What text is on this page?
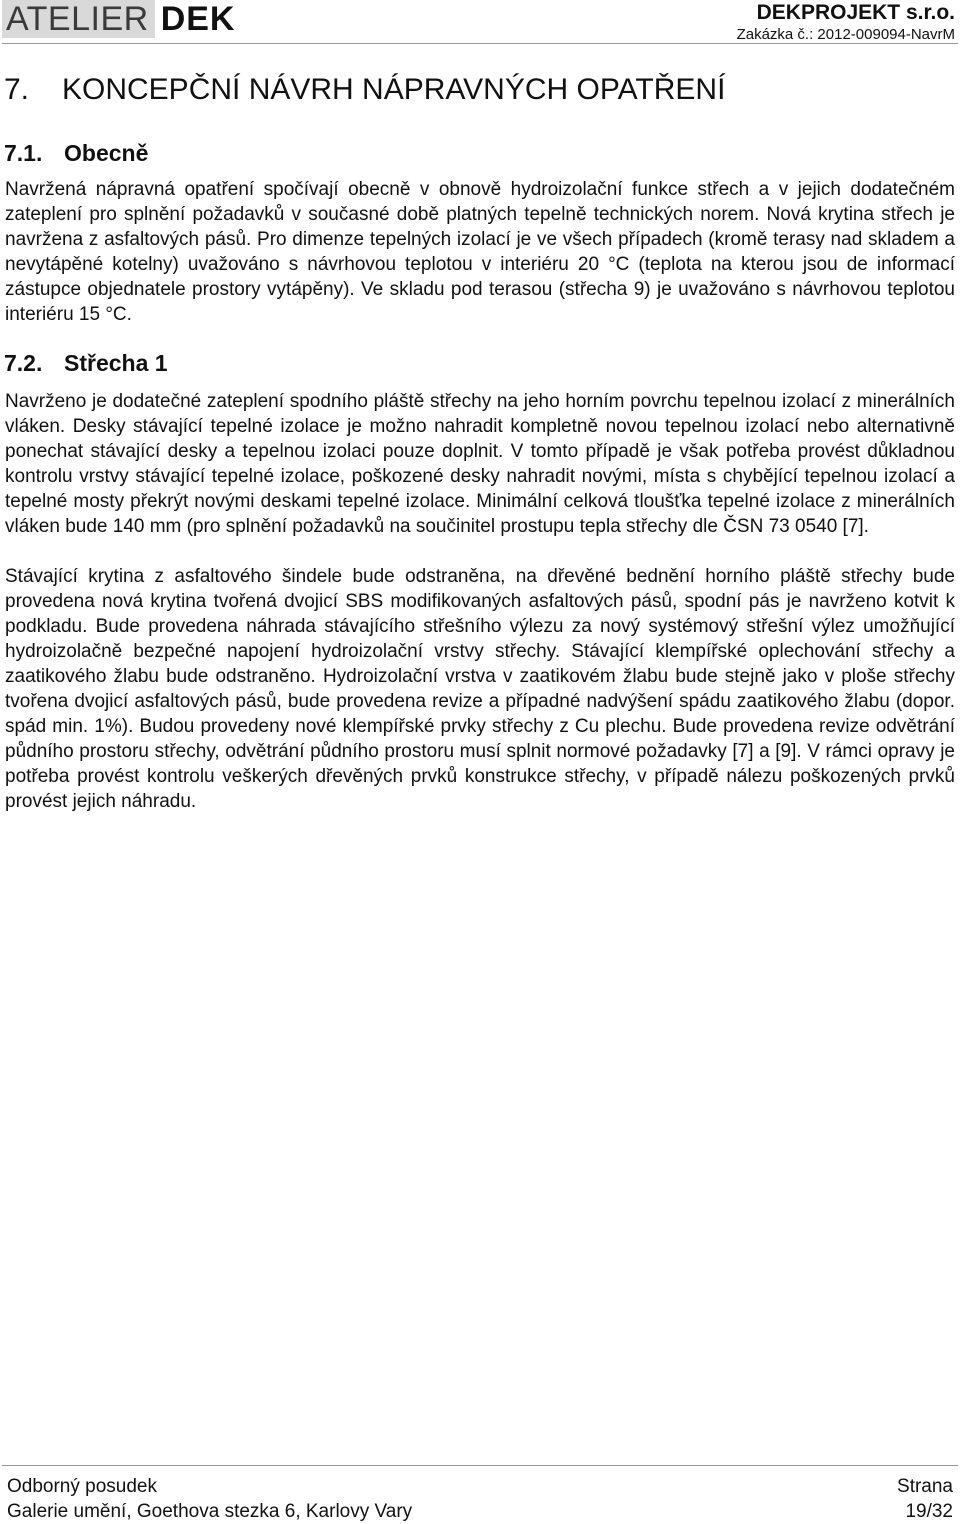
ATELIER DEK	DEKPROJEKT s.r.o.
Zakázka č.: 2012-009094-NavrM
7. KONCEPČNÍ NÁVRH NÁPRAVNÝCH OPATŘENÍ
7.1. Obecně
Navržená nápravná opatření spočívají obecně v obnově hydroizolační funkce střech a v jejich dodatečném zateplení pro splnění požadavků v současné době platných tepelně technických norem. Nová krytina střech je navržena z asfaltových pásů. Pro dimenze tepelných izolací je ve všech případech (kromě terasy nad skladem a nevytápěné kotelny) uvažováno s návrhovou teplotou v interiéru 20 °C (teplota na kterou jsou de informací zástupce objednatele prostory vytápěny). Ve skladu pod terasou (střecha 9) je uvažováno s návrhovou teplotou interiéru 15 °C.
7.2. Střecha 1
Navrženo je dodatečné zateplení spodního pláště střechy na jeho horním povrchu tepelnou izolací z minerálních vláken. Desky stávající tepelné izolace je možno nahradit kompletně novou tepelnou izolací nebo alternativně ponechat stávající desky a tepelnou izolaci pouze doplnit. V tomto případě je však potřeba provést důkladnou kontrolu vrstvy stávající tepelné izolace, poškozené desky nahradit novými, místa s chybějící tepelnou izolací a tepelné mosty překrýt novými deskami tepelné izolace. Minimální celková tloušťka tepelné izolace z minerálních vláken bude 140 mm (pro splnění požadavků na součinitel prostupu tepla střechy dle ČSN 73 0540 [7].
Stávající krytina z asfaltového šindele bude odstraněna, na dřevěné bednění horního pláště střechy bude provedena nová krytina tvořená dvojicí SBS modifikovaných asfaltových pásů, spodní pás je navrženo kotvit k podkladu. Bude provedena náhrada stávajícího střešního výlezu za nový systémový střešní výlez umožňující hydroizolačně bezpečné napojení hydroizolační vrstvy střechy. Stávající klempířské oplechování střechy a zaatikového žlabu bude odstraněno. Hydroizolační vrstva v zaatikovém žlabu bude stejně jako v ploše střechy tvořena dvojicí asfaltových pásů, bude provedena revize a případné nadvýšení spádu zaatikového žlabu (dopor. spád min. 1%). Budou provedeny nové klempířské prvky střechy z Cu plechu. Bude provedena revize odvětrání půdního prostoru střechy, odvětrání půdního prostoru musí splnit normové požadavky [7] a [9]. V rámci opravy je potřeba provést kontrolu veškerých dřevěných prvků konstrukce střechy, v případě nálezu poškozených prvků provést jejich náhradu.
Odborný posudek
Galerie umění, Goethova stezka 6, Karlovy Vary
Strana
19/32
